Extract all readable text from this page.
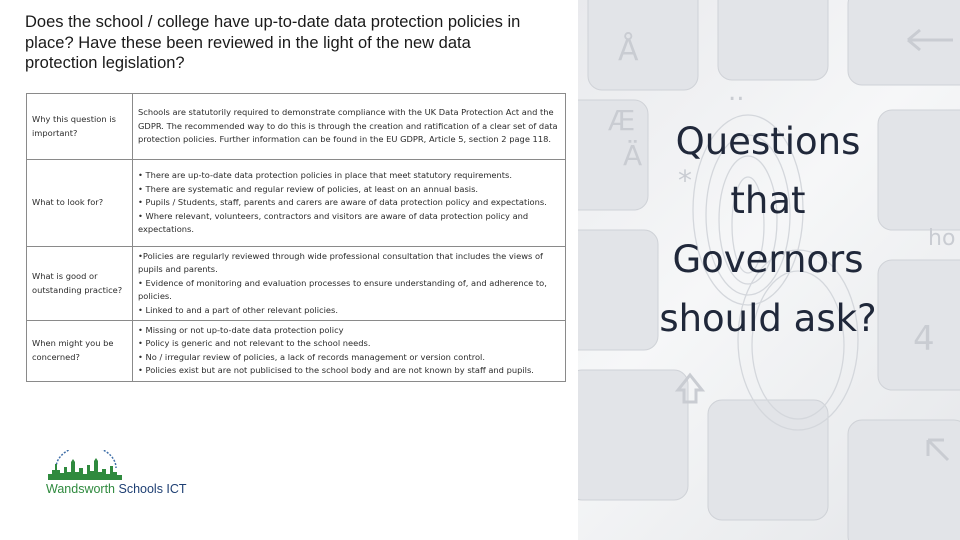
Does the school / college have up-to-date data protection policies in place? Have these been reviewed in the light of the new data protection legislation?
Why this question is important?	Schools are statutorily required to demonstrate compliance with the UK Data Protection Act and the GDPR. The recommended way to do this is through the creation and ratification of a clear set of data protection policies. Further information can be found in the EU GDPR, Article 5, section 2 page 118.

What to look for?	• There are up-to-date data protection policies in place that meet statutory requirements.
• There are systematic and regular review of policies, at least on an annual basis.
• Pupils / Students, staff, parents and carers are aware of data protection policy and expectations.
• Where relevant, volunteers, contractors and visitors are aware of data protection policy and expectations.

What is good or outstanding practice?	•Policies are regularly reviewed through wide professional consultation that includes the views of pupils and parents.
• Evidence of monitoring and evaluation processes to ensure understanding of, and adherence to, policies.
• Linked to and a part of other relevant policies.

When might you be concerned?	• Missing or not up-to-date data protection policy
• Policy is generic and not relevant to the school needs.
• No / irregular review of policies, a lack of records management or version control.
• Policies exist but are not publicised to the school body and are not known by staff and pupils.
Wandsworth Schools ICT
Å
Æ
Ä
*
..
ho
4
Questions
that
Governors
should ask?
